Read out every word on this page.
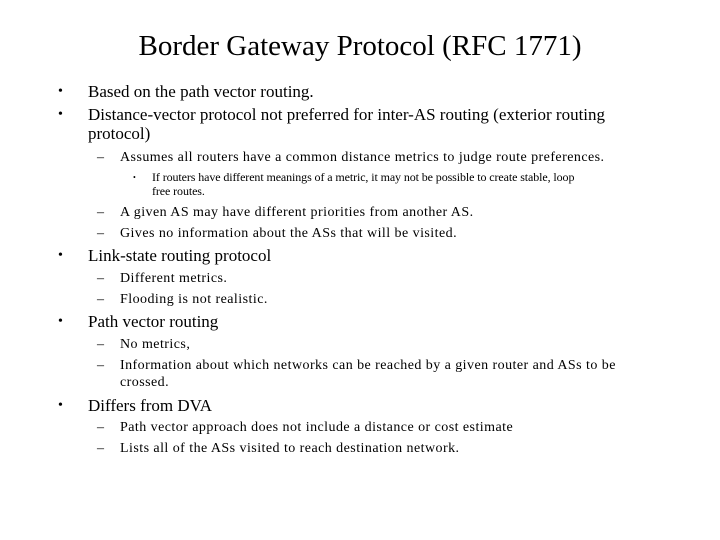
Border Gateway Protocol (RFC 1771)
• Based on the path vector routing.
• Distance-vector protocol not preferred for inter-AS routing (exterior routing
protocol)
– Assumes all routers have a common distance metrics to judge route preferences.
• If routers have different meanings of a metric, it may not be possible to create stable, loop
free routes.
– A given AS may have different priorities from another AS.
– Gives no information about the ASs that will be visited.
• Link-state routing protocol
– Different metrics.
– Flooding is not realistic.
• Path vector routing
– No metrics,
– Information about which networks can be reached by a given router and ASs to be
crossed.
• Differs from DVA
– Path vector approach does not include a distance or cost estimate
– Lists all of the ASs visited to reach destination network.
